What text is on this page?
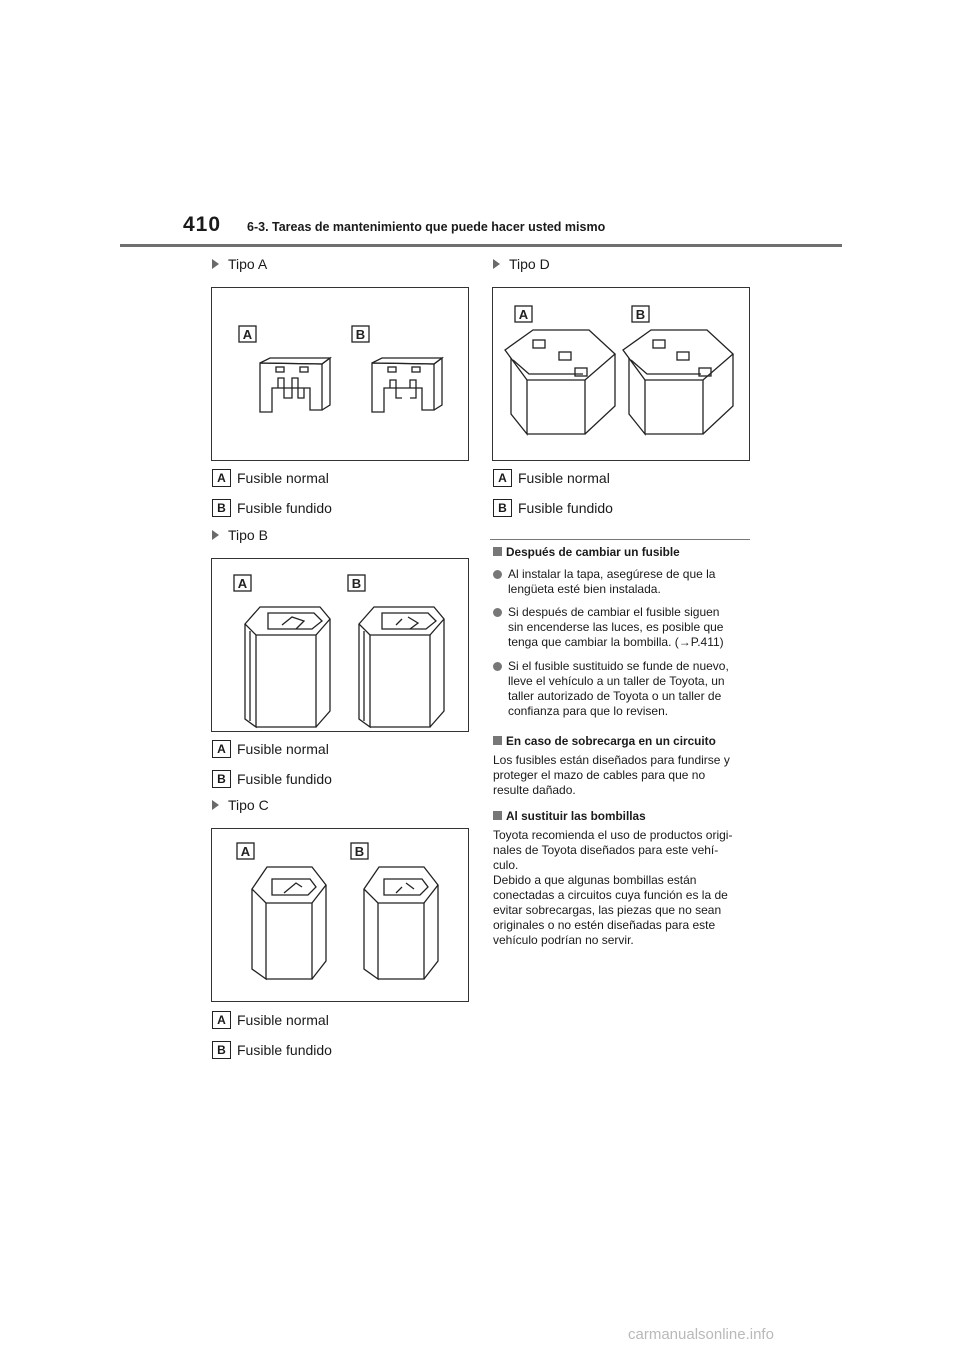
410 6-3. Tareas de mantenimiento que puede hacer usted mismo
Tipo A
A	B
A Fusible normal
B Fusible fundido
Tipo B
A	B
A Fusible normal
B Fusible fundido
Tipo C
A	B
A Fusible normal
B Fusible fundido
Tipo D
A	B
A Fusible normal
B Fusible fundido
Después de cambiar un fusible
Al instalar la tapa, asegúrese de que la
lengüeta esté bien instalada.
Si después de cambiar el fusible siguen
sin encenderse las luces, es posible que
tenga que cambiar la bombilla. (→P.411)
Si el fusible sustituido se funde de nuevo,
lleve el vehículo a un taller de Toyota, un
taller autorizado de Toyota o un taller de
confianza para que lo revisen.
En caso de sobrecarga en un circuito
Los fusibles están diseñados para fundirse y
proteger el mazo de cables para que no
resulte dañado.
Al sustituir las bombillas
Toyota recomienda el uso de productos origi-
nales de Toyota diseñados para este vehí-
culo.
Debido a que algunas bombillas están
conectadas a circuitos cuya función es la de
evitar sobrecargas, las piezas que no sean
originales o no estén diseñadas para este
vehículo podrían no servir.
carmanualsonline.info
